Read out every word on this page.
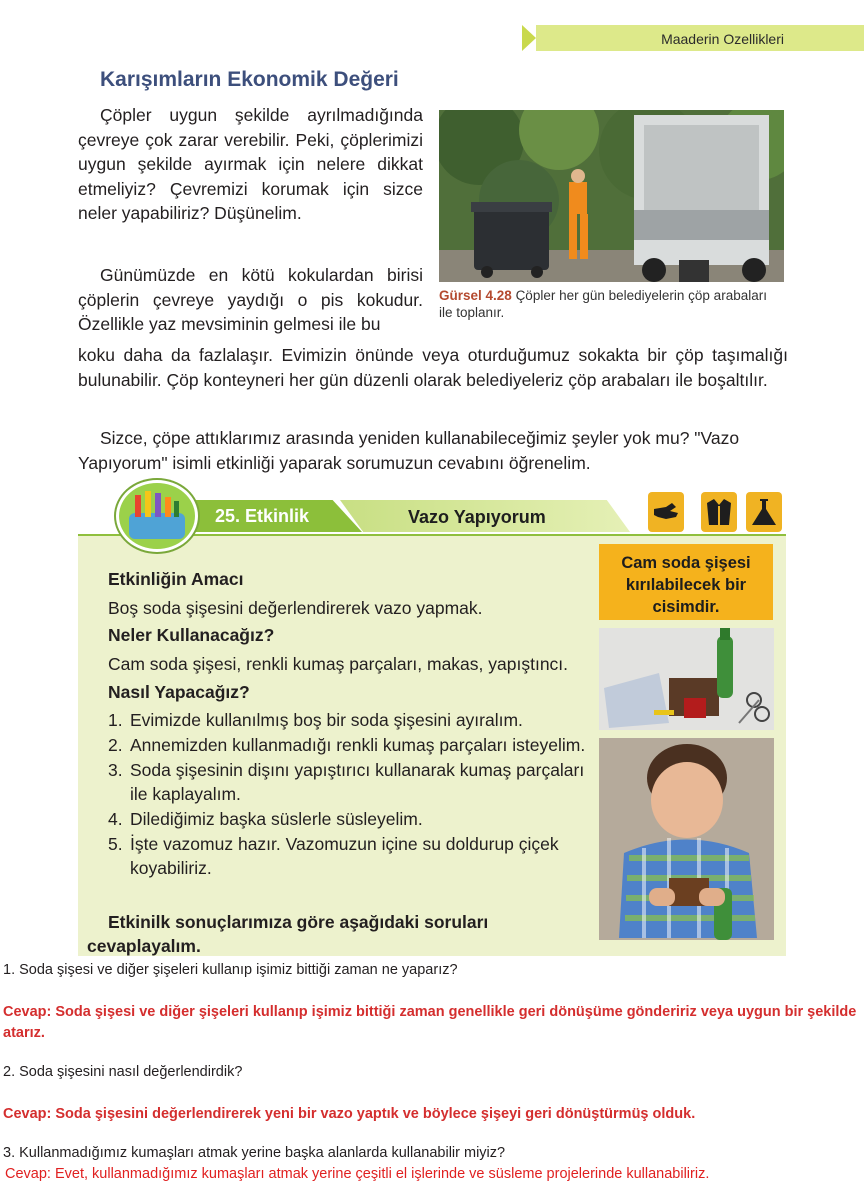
Maaderin Ozellikleri
Karışımların Ekonomik Değeri
Çöpler uygun şekilde ayrılmadığında çevreye çok zarar verebilir. Peki, çöplerimizi uygun şekilde ayırmak için nelere dikkat etmeliyiz? Çevremizi korumak için sizce neler yapabiliriz? Düşünelim.
Gürsel 4.28 Çöpler her gün belediyelerin çöp arabaları ile toplanır.
Günümüzde en kötü kokulardan birisi çöplerin çevreye yaydığı o pis kokudur. Özellikle yaz mevsiminin gelmesi ile bu
koku daha da fazlalaşır. Evimizin önünde veya oturduğumuz sokakta bir çöp taşımalığı bulunabilir. Çöp konteyneri her gün düzenli olarak belediyeleriz çöp arabaları ile boşaltılır.
Sizce, çöpe attıklarımız arasında yeniden kullanabileceğimiz şeyler yok mu? "Vazo Yapıyorum" isimli etkinliği yaparak sorumuzun cevabını öğrenelim.
25. Etkinlik	Vazo Yapıyorum
Etkinliğin Amacı
Boş soda şişesini değerlendirerek vazo yapmak.
Neler Kullanacağız?
Cam soda şişesi, renkli kumaş parçaları, makas, yapıştıncı.
Nasıl Yapacağız?
1. Evimizde kullanılmış boş bir soda şişesini ayıralım.
2. Annemizden kullanmadığı renkli kumaş parçaları isteyelim.
3. Soda şişesinin dişını yapıştırıcı kullanarak kumaş parçaları ile kaplayalım.
4. Dilediğimiz başka süslerle süsleyelim.
5. İşte vazomuz hazır. Vazomuzun içine su doldurup çiçek koyabiliriz.
Etkinilk sonuçlarımıza göre aşağıdaki soruları cevaplayalım.
Cam soda şişesi kırılabilecek bir cisimdir.
1. Soda şişesi ve diğer şişeleri kullanıp işimiz bittiği zaman ne yaparız?
Cevap: Soda şişesi ve diğer şişeleri kullanıp işimiz bittiği zaman genellikle geri dönüşüme göndeririz veya uygun bir şekilde atarız.
2. Soda şişesini nasıl değerlendirdik?
Cevap: Soda şişesini değerlendirerek yeni bir vazo yaptık ve böylece şişeyi geri dönüştürmüş olduk.
3. Kullanmadığımız kumaşları atmak yerine başka alanlarda kullanabilir miyiz?
Cevap: Evet, kullanmadığımız kumaşları atmak yerine çeşitli el işlerinde ve süsleme projelerinde kullanabiliriz.
